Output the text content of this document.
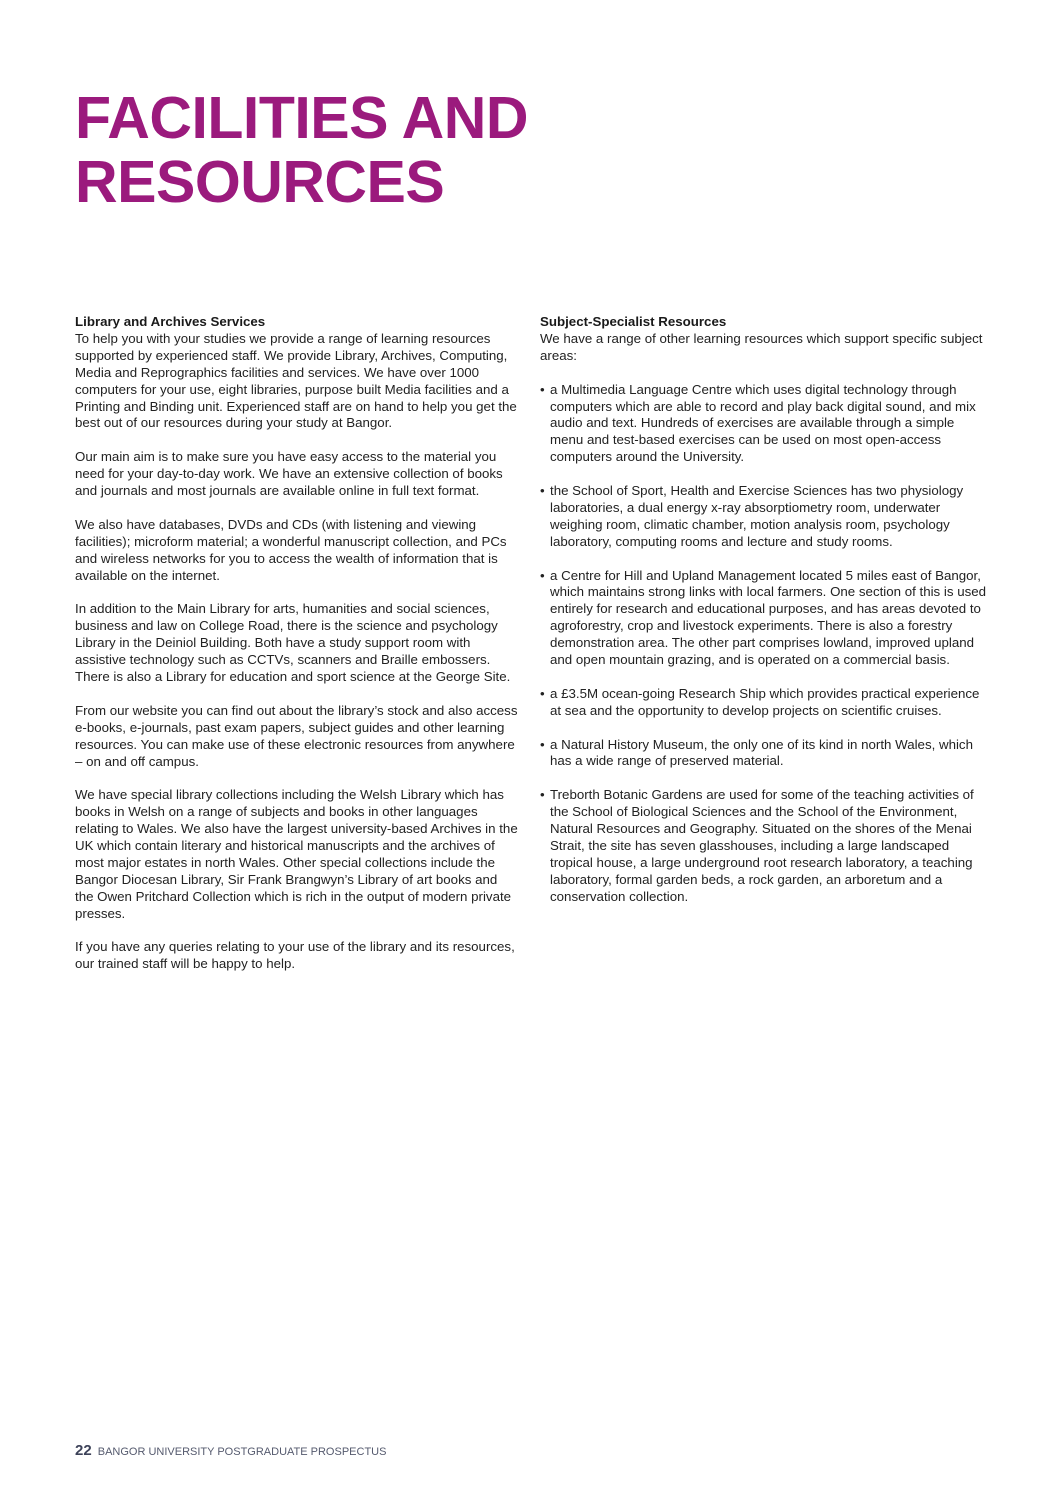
FACILITIES AND
RESOURCES
Library and Archives Services

To help you with your studies we provide a range of learning resources supported by experienced staff. We provide Library, Archives, Computing, Media and Reprographics facilities and services. We have over 1000 computers for your use, eight libraries, purpose built Media facilities and a Printing and Binding unit. Experienced staff are on hand to help you get the best out of our resources during your study at Bangor.

Our main aim is to make sure you have easy access to the material you need for your day-to-day work. We have an extensive collection of books and journals and most journals are available online in full text format.

We also have databases, DVDs and CDs (with listening and viewing facilities); microform material; a wonderful manuscript collection, and PCs and wireless networks for you to access the wealth of information that is available on the internet.

In addition to the Main Library for arts, humanities and social sciences, business and law on College Road, there is the science and psychology Library in the Deiniol Building. Both have a study support room with assistive technology such as CCTVs, scanners and Braille embossers. There is also a Library for education and sport science at the George Site.

From our website you can find out about the library’s stock and also access e-books, e-journals, past exam papers, subject guides and other learning resources. You can make use of these electronic resources from anywhere – on and off campus.

We have special library collections including the Welsh Library which has books in Welsh on a range of subjects and books in other languages relating to Wales. We also have the largest university-based Archives in the UK which contain literary and historical manuscripts and the archives of most major estates in north Wales. Other special collections include the Bangor Diocesan Library, Sir Frank Brangwyn’s Library of art books and the Owen Pritchard Collection which is rich in the output of modern private presses.

If you have any queries relating to your use of the library and its resources, our trained staff will be happy to help.

Subject-Specialist Resources

We have a range of other learning resources which support specific subject areas:

• a Multimedia Language Centre which uses digital technology through computers which are able to record and play back digital sound, and mix audio and text. Hundreds of exercises are available through a simple menu and test-based exercises can be used on most open-access computers around the University.
• the School of Sport, Health and Exercise Sciences has two physiology laboratories, a dual energy x-ray absorptiometry room, underwater weighing room, climatic chamber, motion analysis room, psychology laboratory, computing rooms and lecture and study rooms.
• a Centre for Hill and Upland Management located 5 miles east of Bangor, which maintains strong links with local farmers. One section of this is used entirely for research and educational purposes, and has areas devoted to agroforestry, crop and livestock experiments. There is also a forestry demonstration area. The other part comprises lowland, improved upland and open mountain grazing, and is operated on a commercial basis.
• a £3.5M ocean-going Research Ship which provides practical experience at sea and the opportunity to develop projects on scientific cruises.
• a Natural History Museum, the only one of its kind in north Wales, which has a wide range of preserved material.
• Treborth Botanic Gardens are used for some of the teaching activities of the School of Biological Sciences and the School of the Environment, Natural Resources and Geography. Situated on the shores of the Menai Strait, the site has seven glasshouses, including a large landscaped tropical house, a large underground root research laboratory, a teaching laboratory, formal garden beds, a rock garden, an arboretum and a conservation collection.
22 BANGOR UNIVERSITY POSTGRADUATE PROSPECTUS
